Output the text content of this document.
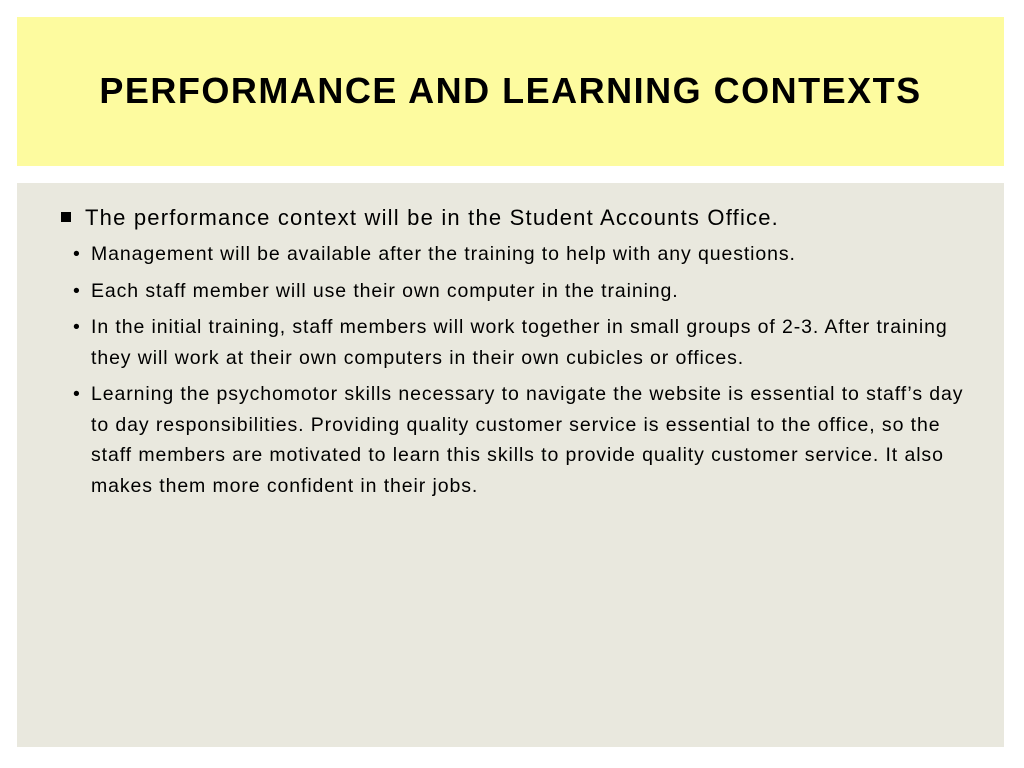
PERFORMANCE AND LEARNING CONTEXTS
The performance context will be in the Student Accounts Office.
• Management will be available after the training to help with any questions.
• Each staff member will use their own computer in the training.
• In the initial training, staff members will work together in small groups of 2-3. After training they will work at their own computers in their own cubicles or offices.
• Learning the psychomotor skills necessary to navigate the website is essential to staff’s day to day responsibilities. Providing quality customer service is essential to the office, so the staff members are motivated to learn this skills to provide quality customer service. It also makes them more confident in their jobs.
